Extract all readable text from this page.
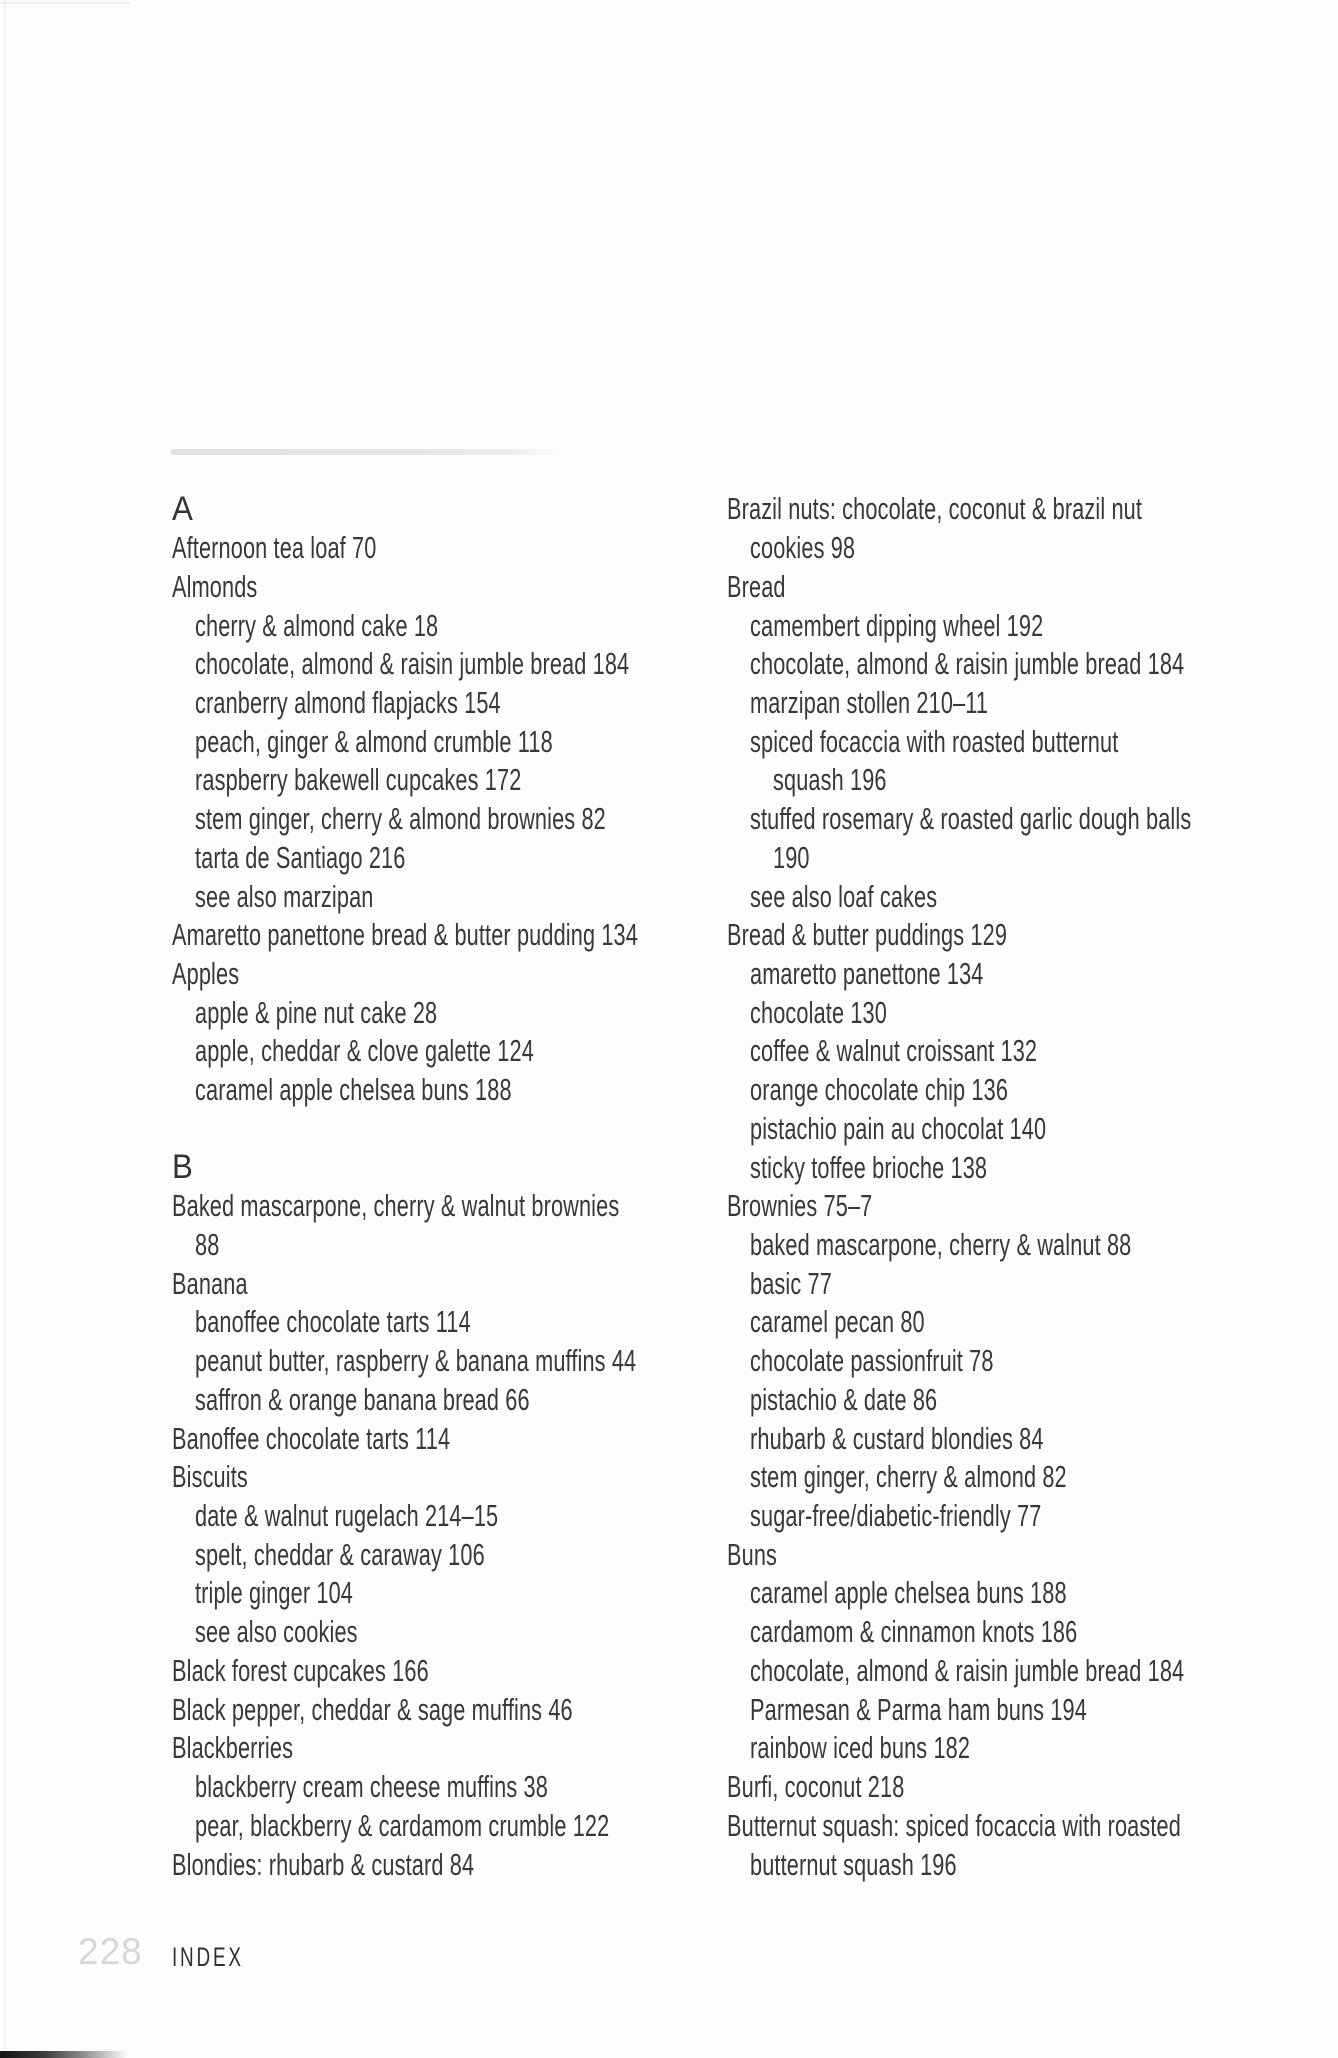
A
Afternoon tea loaf 70
Almonds
cherry & almond cake 18
chocolate, almond & raisin jumble bread 184
cranberry almond flapjacks 154
peach, ginger & almond crumble 118
raspberry bakewell cupcakes 172
stem ginger, cherry & almond brownies 82
tarta de Santiago 216
see also marzipan
Amaretto panettone bread & butter pudding 134
Apples
apple & pine nut cake 28
apple, cheddar & clove galette 124
caramel apple chelsea buns 188
B
Baked mascarpone, cherry & walnut brownies
88
Banana
banoffee chocolate tarts 114
peanut butter, raspberry & banana muffins 44
saffron & orange banana bread 66
Banoffee chocolate tarts 114
Biscuits
date & walnut rugelach 214–15
spelt, cheddar & caraway 106
triple ginger 104
see also cookies
Black forest cupcakes 166
Black pepper, cheddar & sage muffins 46
Blackberries
blackberry cream cheese muffins 38
pear, blackberry & cardamom crumble 122
Blondies: rhubarb & custard 84
Brazil nuts: chocolate, coconut & brazil nut
cookies 98
Bread
camembert dipping wheel 192
chocolate, almond & raisin jumble bread 184
marzipan stollen 210–11
spiced focaccia with roasted butternut
squash 196
stuffed rosemary & roasted garlic dough balls
190
see also loaf cakes
Bread & butter puddings 129
amaretto panettone 134
chocolate 130
coffee & walnut croissant 132
orange chocolate chip 136
pistachio pain au chocolat 140
sticky toffee brioche 138
Brownies 75–7
baked mascarpone, cherry & walnut 88
basic 77
caramel pecan 80
chocolate passionfruit 78
pistachio & date 86
rhubarb & custard blondies 84
stem ginger, cherry & almond 82
sugar-free/diabetic-friendly 77
Buns
caramel apple chelsea buns 188
cardamom & cinnamon knots 186
chocolate, almond & raisin jumble bread 184
Parmesan & Parma ham buns 194
rainbow iced buns 182
Burfi, coconut 218
Butternut squash: spiced focaccia with roasted
butternut squash 196
228 INDEX
